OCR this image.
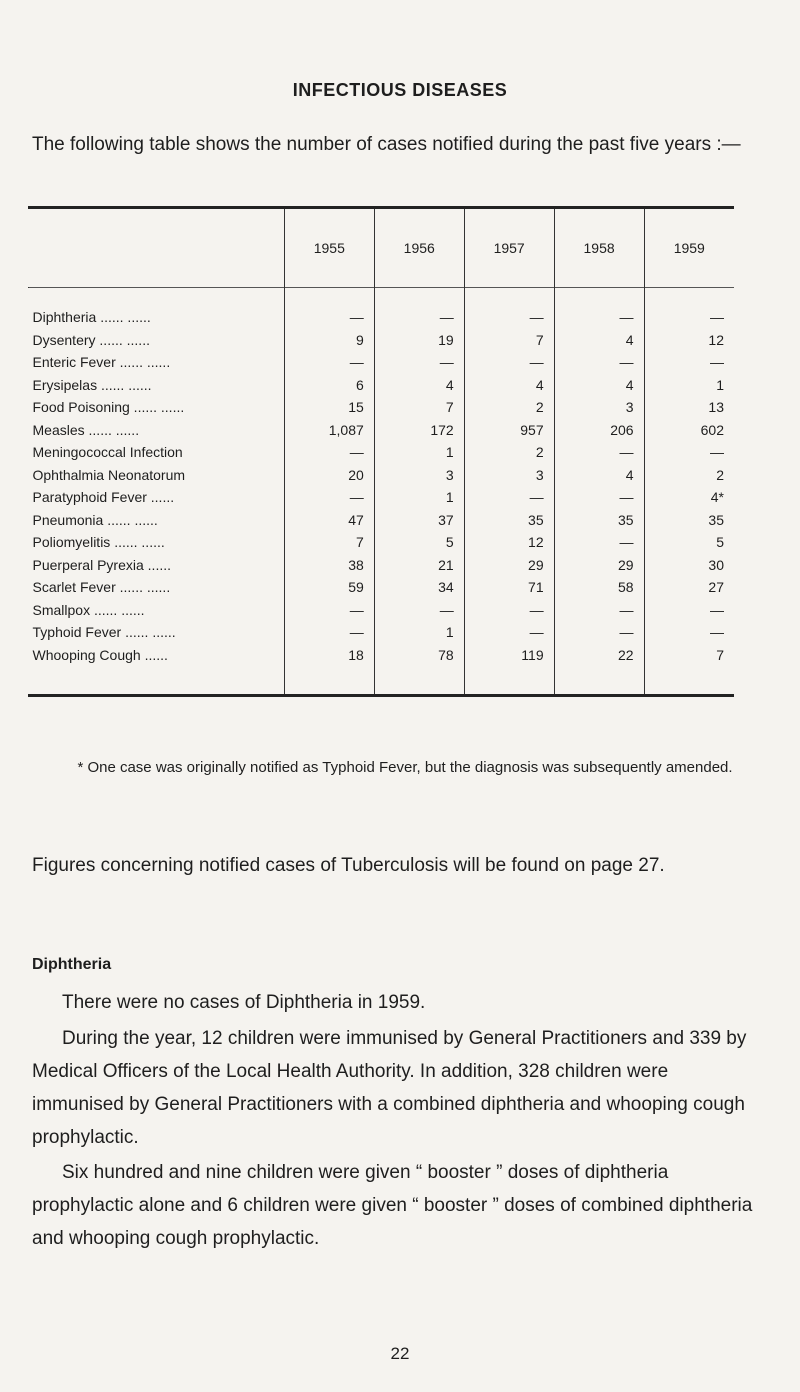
INFECTIOUS DISEASES
The following table shows the number of cases notified during the past five years :—
	1955	1956	1957	1958	1959

Diphtheria ...... ......	—	—	—	—	—
Dysentery ...... ......	9	19	7	4	12
Enteric Fever ...... ......	—	—	—	—	—
Erysipelas ...... ......	6	4	4	4	1
Food Poisoning ...... ......	15	7	2	3	13
Measles ...... ......	1,087	172	957	206	602
Meningococcal Infection	—	1	2	—	—
Ophthalmia Neonatorum	20	3	3	4	2
Paratyphoid Fever ......	—	1	—	—	4*
Pneumonia ...... ......	47	37	35	35	35
Poliomyelitis ...... ......	7	5	12	—	5
Puerperal Pyrexia ......	38	21	29	29	30
Scarlet Fever ...... ......	59	34	71	58	27
Smallpox ...... ......	—	—	—	—	—
Typhoid Fever ...... ......	—	1	—	—	—
Whooping Cough ......	18	78	119	22	7

* One case was originally notified as Typhoid Fever, but the diagnosis was subsequently amended.
Figures concerning notified cases of Tuberculosis will be found on page 27.
Diphtheria
There were no cases of Diphtheria in 1959.
During the year, 12 children were immunised by General Practitioners and 339 by Medical Officers of the Local Health Authority. In addition, 328 children were immunised by General Practitioners with a combined diphtheria and whooping cough prophylactic.
Six hundred and nine children were given “ booster ” doses of diphtheria prophylactic alone and 6 children were given “ booster ” doses of combined diphtheria and whooping cough prophylactic.
22
